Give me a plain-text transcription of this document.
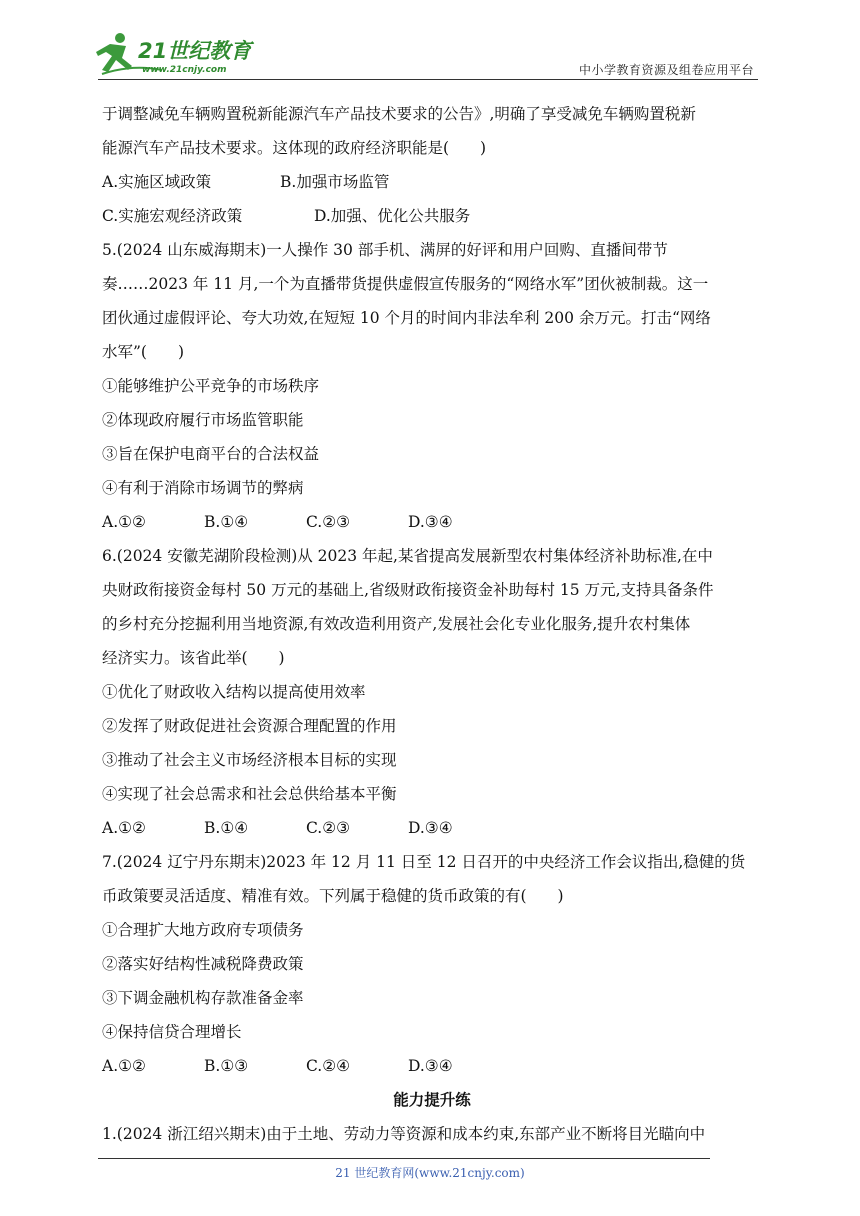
21世纪教育
www.21cnjy.com	中小学教育资源及组卷应用平台
于调整减免车辆购置税新能源汽车产品技术要求的公告》,明确了享受减免车辆购置税新
能源汽车产品技术要求。这体现的政府经济职能是(　　)
A.实施区域政策	B.加强市场监管
C.实施宏观经济政策	D.加强、优化公共服务
5.(2024 山东威海期末)一人操作 30 部手机、满屏的好评和用户回购、直播间带节
奏……2023 年 11 月,一个为直播带货提供虚假宣传服务的“网络水军”团伙被制裁。这一
团伙通过虚假评论、夸大功效,在短短 10 个月的时间内非法牟利 200 余万元。打击“网络
水军”(　　)
①能够维护公平竞争的市场秩序
②体现政府履行市场监管职能
③旨在保护电商平台的合法权益
④有利于消除市场调节的弊病
A.①②	B.①④	C.②③	D.③④
6.(2024 安徽芜湖阶段检测)从 2023 年起,某省提高发展新型农村集体经济补助标准,在中
央财政衔接资金每村 50 万元的基础上,省级财政衔接资金补助每村 15 万元,支持具备条件
的乡村充分挖掘利用当地资源,有效改造利用资产,发展社会化专业化服务,提升农村集体
经济实力。该省此举(　　)
①优化了财政收入结构以提高使用效率
②发挥了财政促进社会资源合理配置的作用
③推动了社会主义市场经济根本目标的实现
④实现了社会总需求和社会总供给基本平衡
A.①②	B.①④	C.②③	D.③④
7.(2024 辽宁丹东期末)2023 年 12 月 11 日至 12 日召开的中央经济工作会议指出,稳健的货
币政策要灵活适度、精准有效。下列属于稳健的货币政策的有(　　)
①合理扩大地方政府专项债务
②落实好结构性减税降费政策
③下调金融机构存款准备金率
④保持信贷合理增长
A.①②	B.①③	C.②④	D.③④
能力提升练
1.(2024 浙江绍兴期末)由于土地、劳动力等资源和成本约束,东部产业不断将目光瞄向中
21 世纪教育网(www.21cnjy.com)
